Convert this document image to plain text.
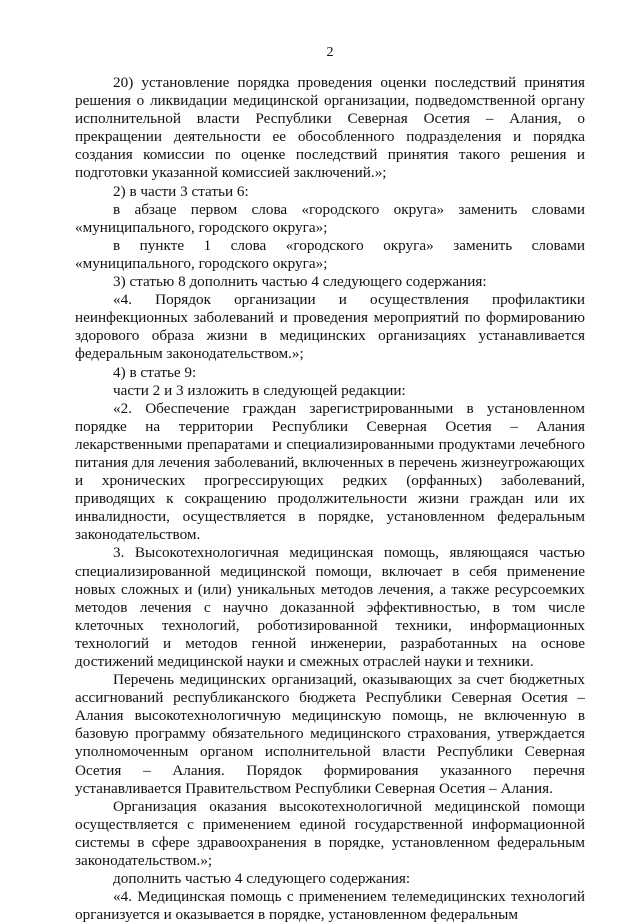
2

20) установление порядка проведения оценки последствий принятия решения о ликвидации медицинской организации, подведомственной органу исполнительной власти Республики Северная Осетия – Алания, о прекращении деятельности ее обособленного подразделения и порядка создания комиссии по оценке последствий принятия такого решения и подготовки указанной комиссией заключений.»;

2) в части 3 статьи 6:

в абзаце первом слова «городского округа» заменить словами «муниципального, городского округа»;

в пункте 1 слова «городского округа» заменить словами «муниципального, городского округа»;

3) статью 8 дополнить частью 4 следующего содержания:

«4. Порядок организации и осуществления профилактики неинфекционных заболеваний и проведения мероприятий по формированию здорового образа жизни в медицинских организациях устанавливается федеральным законодательством.»;

4) в статье 9:

части 2 и 3 изложить в следующей редакции:

«2. Обеспечение граждан зарегистрированными в установленном порядке на территории Республики Северная Осетия – Алания лекарственными препаратами и специализированными продуктами лечебного питания для лечения заболеваний, включенных в перечень жизнеугрожающих и хронических прогрессирующих редких (орфанных) заболеваний, приводящих к сокращению продолжительности жизни граждан или их инвалидности, осуществляется в порядке, установленном федеральным законодательством.

3. Высокотехнологичная медицинская помощь, являющаяся частью специализированной медицинской помощи, включает в себя применение новых сложных и (или) уникальных методов лечения, а также ресурсоемких методов лечения с научно доказанной эффективностью, в том числе клеточных технологий, роботизированной техники, информационных технологий и методов генной инженерии, разработанных на основе достижений медицинской науки и смежных отраслей науки и техники.

Перечень медицинских организаций, оказывающих за счет бюджетных ассигнований республиканского бюджета Республики Северная Осетия – Алания высокотехнологичную медицинскую помощь, не включенную в базовую программу обязательного медицинского страхования, утверждается уполномоченным органом исполнительной власти Республики Северная Осетия – Алания. Порядок формирования указанного перечня устанавливается Правительством Республики Северная Осетия – Алания.

Организация оказания высокотехнологичной медицинской помощи осуществляется с применением единой государственной информационной системы в сфере здравоохранения в порядке, установленном федеральным законодательством.»;

дополнить частью 4 следующего содержания:

«4. Медицинская помощь с применением телемедицинских технологий организуется и оказывается в порядке, установленном федеральным
